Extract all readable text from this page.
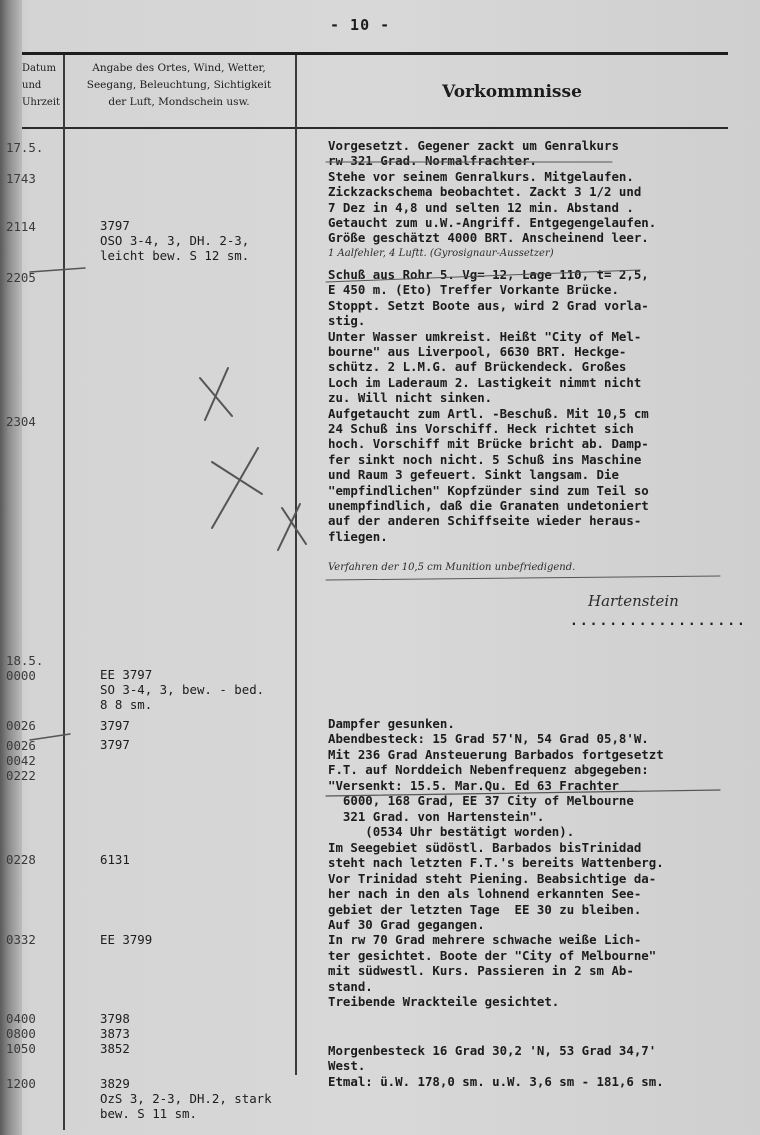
- 10 -
Datum
und
Uhrzeit
Angabe des Ortes, Wind, Wetter,
Seegang, Beleuchtung, Sichtigkeit
der Luft, Mondschein usw.	Vorkommnisse
17.5.
1743
2114
2205
2304
18.5.
0000
0026
0026
0042
0222
0228
0332
0400
0800
1050
1200
3797
OSO 3-4, 3, DH. 2-3,
leicht bew. S 12 sm.
EE 3797
SO 3-4, 3, bew. - bed.
8 8 sm.
3797
3797
6131
EE 3799
3798
3873
3852
3829
OzS 3, 2-3, DH.2, stark
bew. S 11 sm.
Vorgesetzt. Gegener zackt um Genralkurs
rw 321 Grad. Normalfrachter.
Stehe vor seinem Genralkurs. Mitgelaufen.
Zickzackschema beobachtet. Zackt 3 1/2 und
7 Dez in 4,8 und selten 12 min. Abstand .
Getaucht zum u.W.-Angriff. Entgegengelaufen.
Größe geschätzt 4000 BRT. Anscheinend leer.
Schuß aus Rohr 5. Vg= 12, Lage 110, t= 2,5,
E 450 m. (Eto) Treffer Vorkante Brücke.
Stoppt. Setzt Boote aus, wird 2 Grad vorla-
stig.
Unter Wasser umkreist. Heißt "City of Mel-
bourne" aus Liverpool, 6630 BRT. Heckge-
schütz. 2 L.M.G. auf Brückendeck. Großes
Loch im Laderaum 2. Lastigkeit nimmt nicht
zu. Will nicht sinken.
Aufgetaucht zum Artl. -Beschuß. Mit 10,5 cm
24 Schuß ins Vorschiff. Heck richtet sich
hoch. Vorschiff mit Brücke bricht ab. Damp-
fer sinkt noch nicht. 5 Schuß ins Maschine
und Raum 3 gefeuert. Sinkt langsam. Die
"empfindlichen" Kopfzünder sind zum Teil so
unempfindlich, daß die Granaten undetoniert
auf der anderen Schiffseite wieder heraus-
fliegen.
Dampfer gesunken.
Abendbesteck: 15 Grad 57'N, 54 Grad 05,8'W.
Mit 236 Grad Ansteuerung Barbados fortgesetzt
F.T. auf Norddeich Nebenfrequenz abgegeben:
"Versenkt: 15.5. Mar.Qu. Ed 63 Frachter
6000, 168 Grad, EE 37 City of Melbourne
321 Grad. von Hartenstein".
(0534 Uhr bestätigt worden).
Im Seegebiet südöstl. Barbados bisTrinidad
steht nach letzten F.T.'s bereits Wattenberg.
Vor Trinidad steht Piening. Beabsichtige da-
her nach in den als lohnend erkannten See-
gebiet der letzten Tage  EE 30 zu bleiben.
Auf 30 Grad gegangen.
In rw 70 Grad mehrere schwache weiße Lich-
ter gesichtet. Boote der "City of Melbourne"
mit südwestl. Kurs. Passieren in 2 sm Ab-
stand.
Treibende Wrackteile gesichtet.
Morgenbesteck 16 Grad 30,2 'N, 53 Grad 34,7'
West.
Etmal: ü.W. 178,0 sm. u.W. 3,6 sm - 181,6 sm.
1 Aalfehler, 4 Luftt. (Gyrosignaur-Aussetzer)
Verfahren der 10,5 cm Munition unbefriedigend.
Hartenstein
..................
